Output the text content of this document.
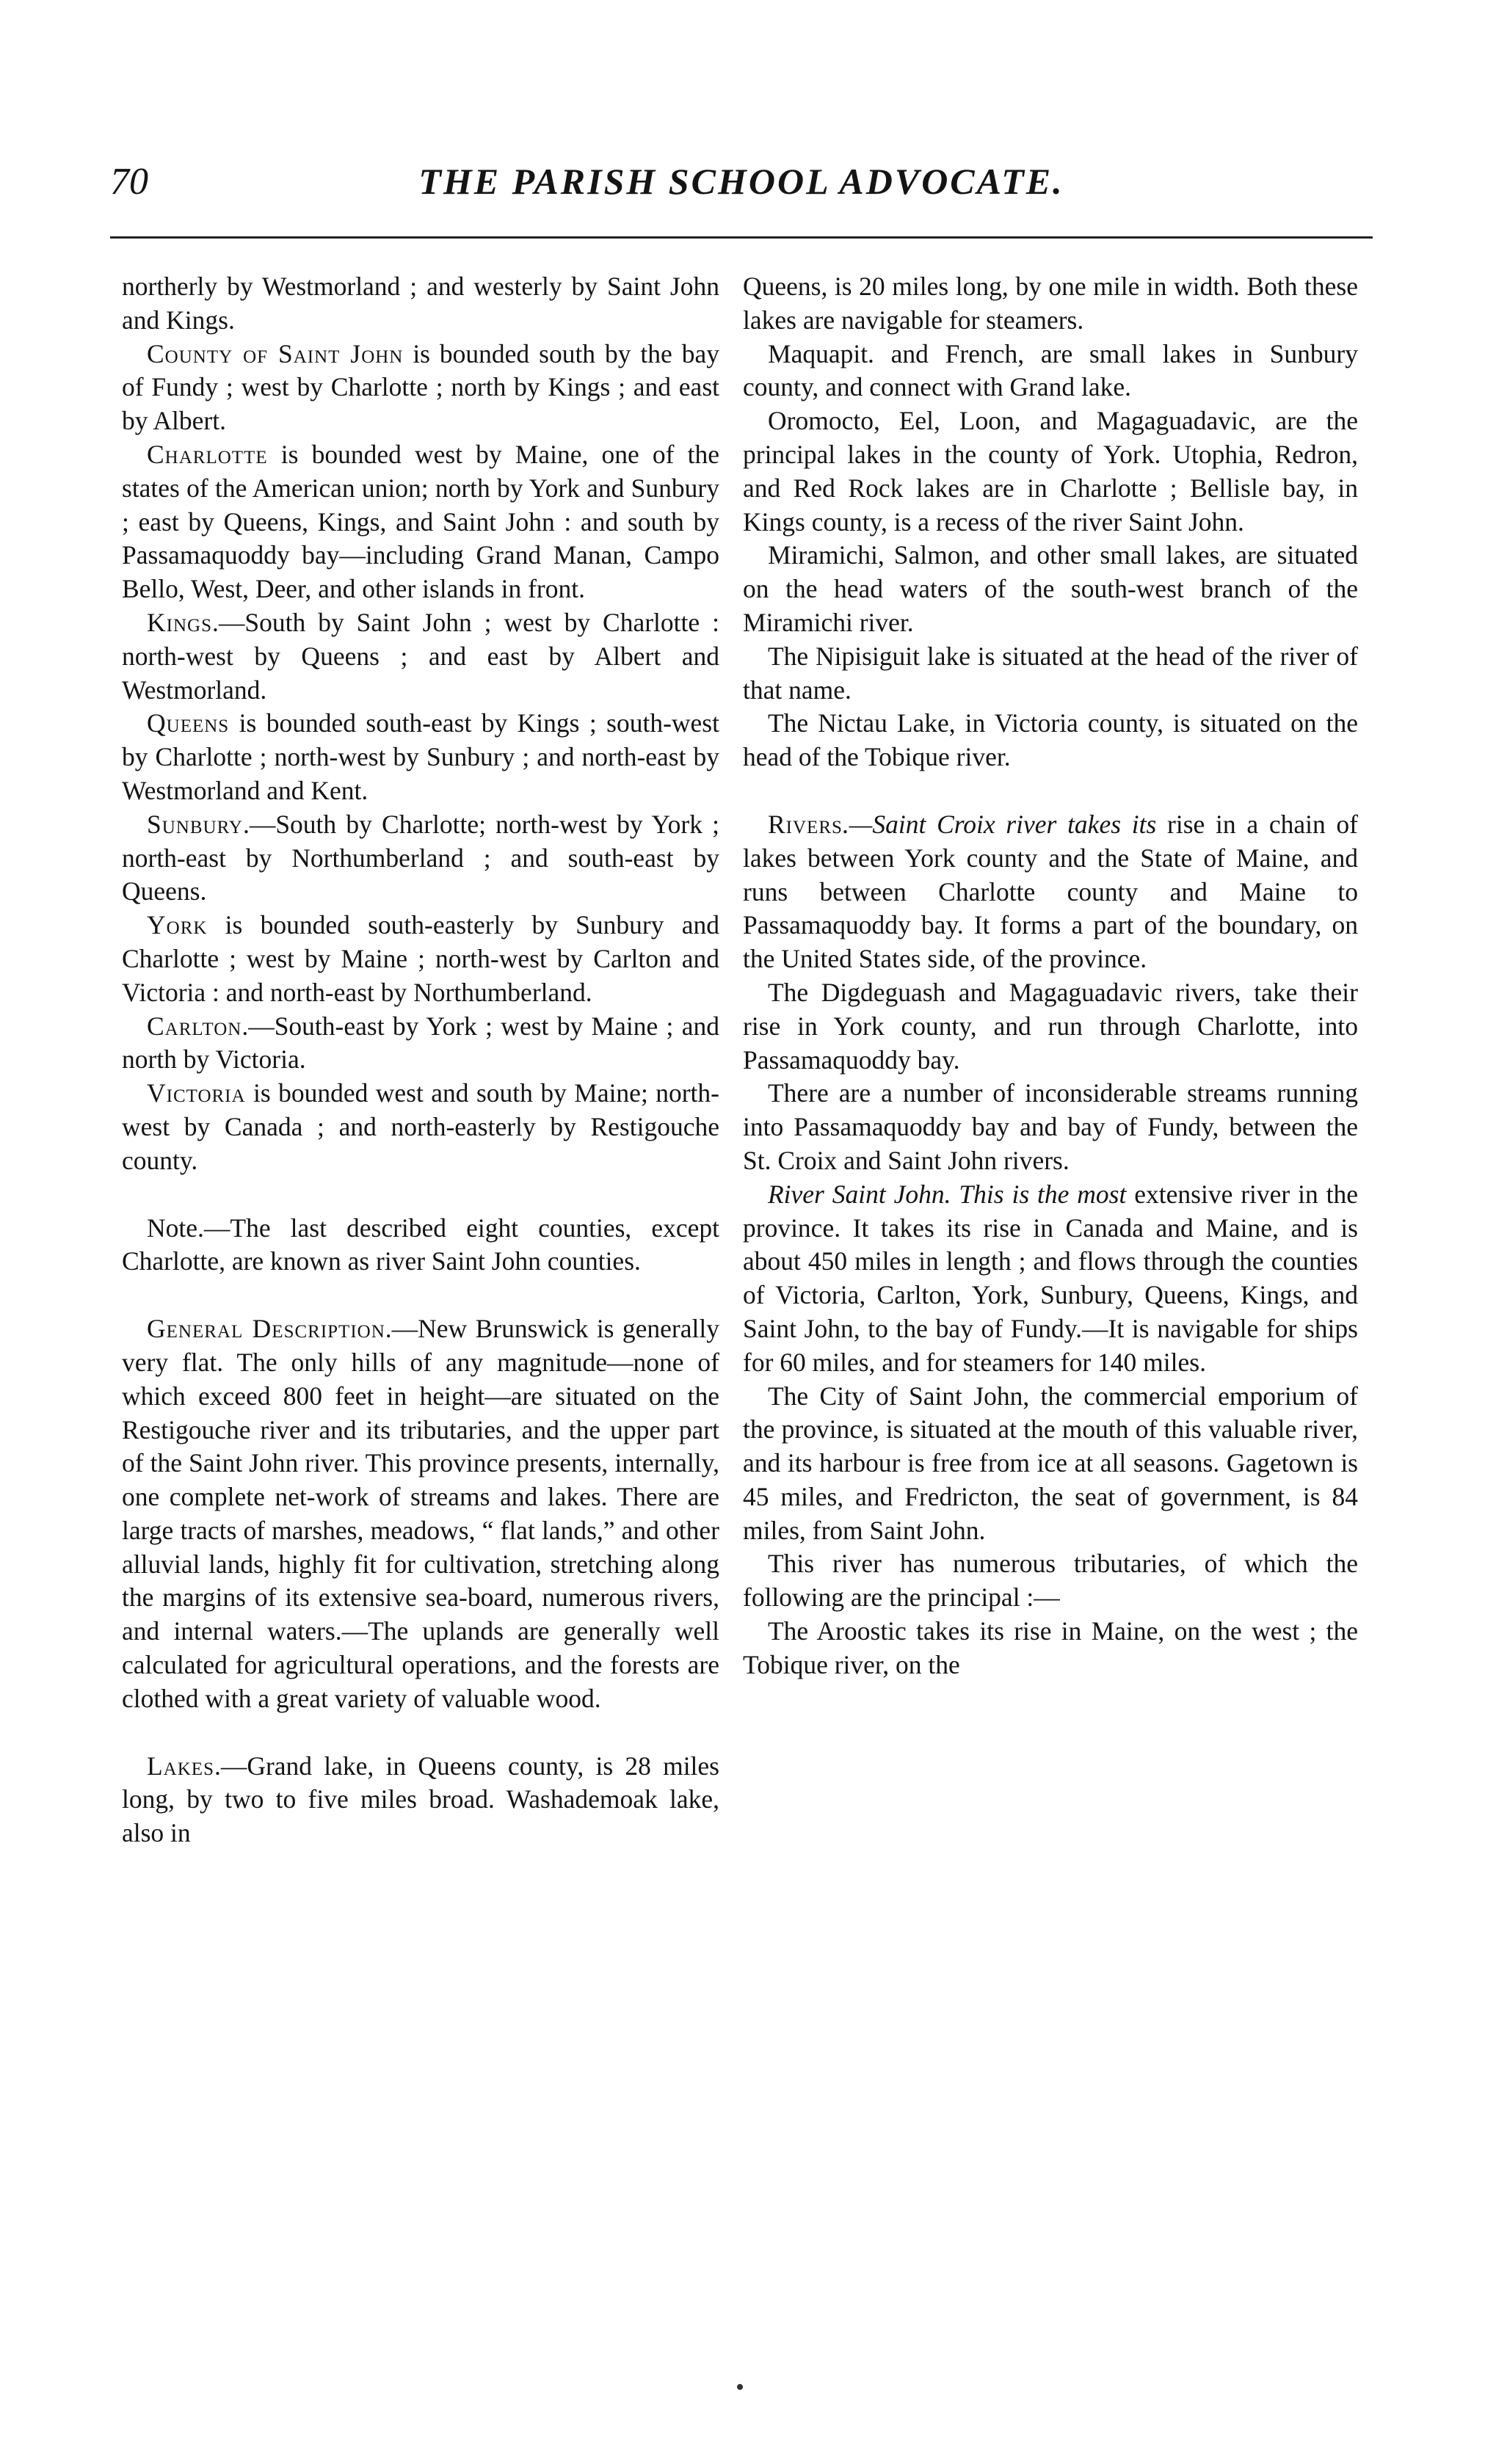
70	THE PARISH SCHOOL ADVOCATE.

northerly by Westmorland ; and westerly by Saint John and Kings.

County of Saint John is bounded south by the bay of Fundy ; west by Charlotte ; north by Kings ; and east by Albert.

Charlotte is bounded west by Maine, one of the states of the American union; north by York and Sunbury ; east by Queens, Kings, and Saint John : and south by Passamaquoddy bay—including Grand Manan, Campo Bello, West, Deer, and other islands in front.

Kings.—South by Saint John ; west by Charlotte : north-west by Queens ; and east by Albert and Westmorland.

Queens is bounded south-east by Kings ; south-west by Charlotte ; north-west by Sunbury ; and north-east by Westmorland and Kent.

Sunbury.—South by Charlotte; north-west by York ; north-east by Northumberland ; and south-east by Queens.

York is bounded south-easterly by Sunbury and Charlotte ; west by Maine ; north-west by Carlton and Victoria : and north-east by Northumberland.

Carlton.—South-east by York ; west by Maine ; and north by Victoria.

Victoria is bounded west and south by Maine; north-west by Canada ; and north-easterly by Restigouche county.

Note.—The last described eight counties, except Charlotte, are known as river Saint John counties.

General Description.—New Brunswick is generally very flat. The only hills of any magnitude—none of which exceed 800 feet in height—are situated on the Restigouche river and its tributaries, and the upper part of the Saint John river. This province presents, internally, one complete net-work of streams and lakes. There are large tracts of marshes, meadows, “ flat lands,” and other alluvial lands, highly fit for cultivation, stretching along the margins of its extensive sea-board, numerous rivers, and internal waters.—The uplands are generally well calculated for agricultural operations, and the forests are clothed with a great variety of valuable wood.

Lakes.—Grand lake, in Queens county, is 28 miles long, by two to five miles broad. Washademoak lake, also in

Queens, is 20 miles long, by one mile in width. Both these lakes are navigable for steamers.

Maquapit. and French, are small lakes in Sunbury county, and connect with Grand lake.

Oromocto, Eel, Loon, and Magaguadavic, are the principal lakes in the county of York. Utophia, Redron, and Red Rock lakes are in Charlotte ; Bellisle bay, in Kings county, is a recess of the river Saint John.

Miramichi, Salmon, and other small lakes, are situated on the head waters of the south-west branch of the Miramichi river.

The Nipisiguit lake is situated at the head of the river of that name.

The Nictau Lake, in Victoria county, is situated on the head of the Tobique river.

Rivers.—Saint Croix river takes its rise in a chain of lakes between York county and the State of Maine, and runs between Charlotte county and Maine to Passamaquoddy bay. It forms a part of the boundary, on the United States side, of the province.

The Digdeguash and Magaguadavic rivers, take their rise in York county, and run through Charlotte, into Passamaquoddy bay.

There are a number of inconsiderable streams running into Passamaquoddy bay and bay of Fundy, between the St. Croix and Saint John rivers.

River Saint John. This is the most extensive river in the province. It takes its rise in Canada and Maine, and is about 450 miles in length ; and flows through the counties of Victoria, Carlton, York, Sunbury, Queens, Kings, and Saint John, to the bay of Fundy.—It is navigable for ships for 60 miles, and for steamers for 140 miles.

The City of Saint John, the commercial emporium of the province, is situated at the mouth of this valuable river, and its harbour is free from ice at all seasons. Gagetown is 45 miles, and Fredricton, the seat of government, is 84 miles, from Saint John.

This river has numerous tributaries, of which the following are the principal :—

The Aroostic takes its rise in Maine, on the west ; the Tobique river, on the
